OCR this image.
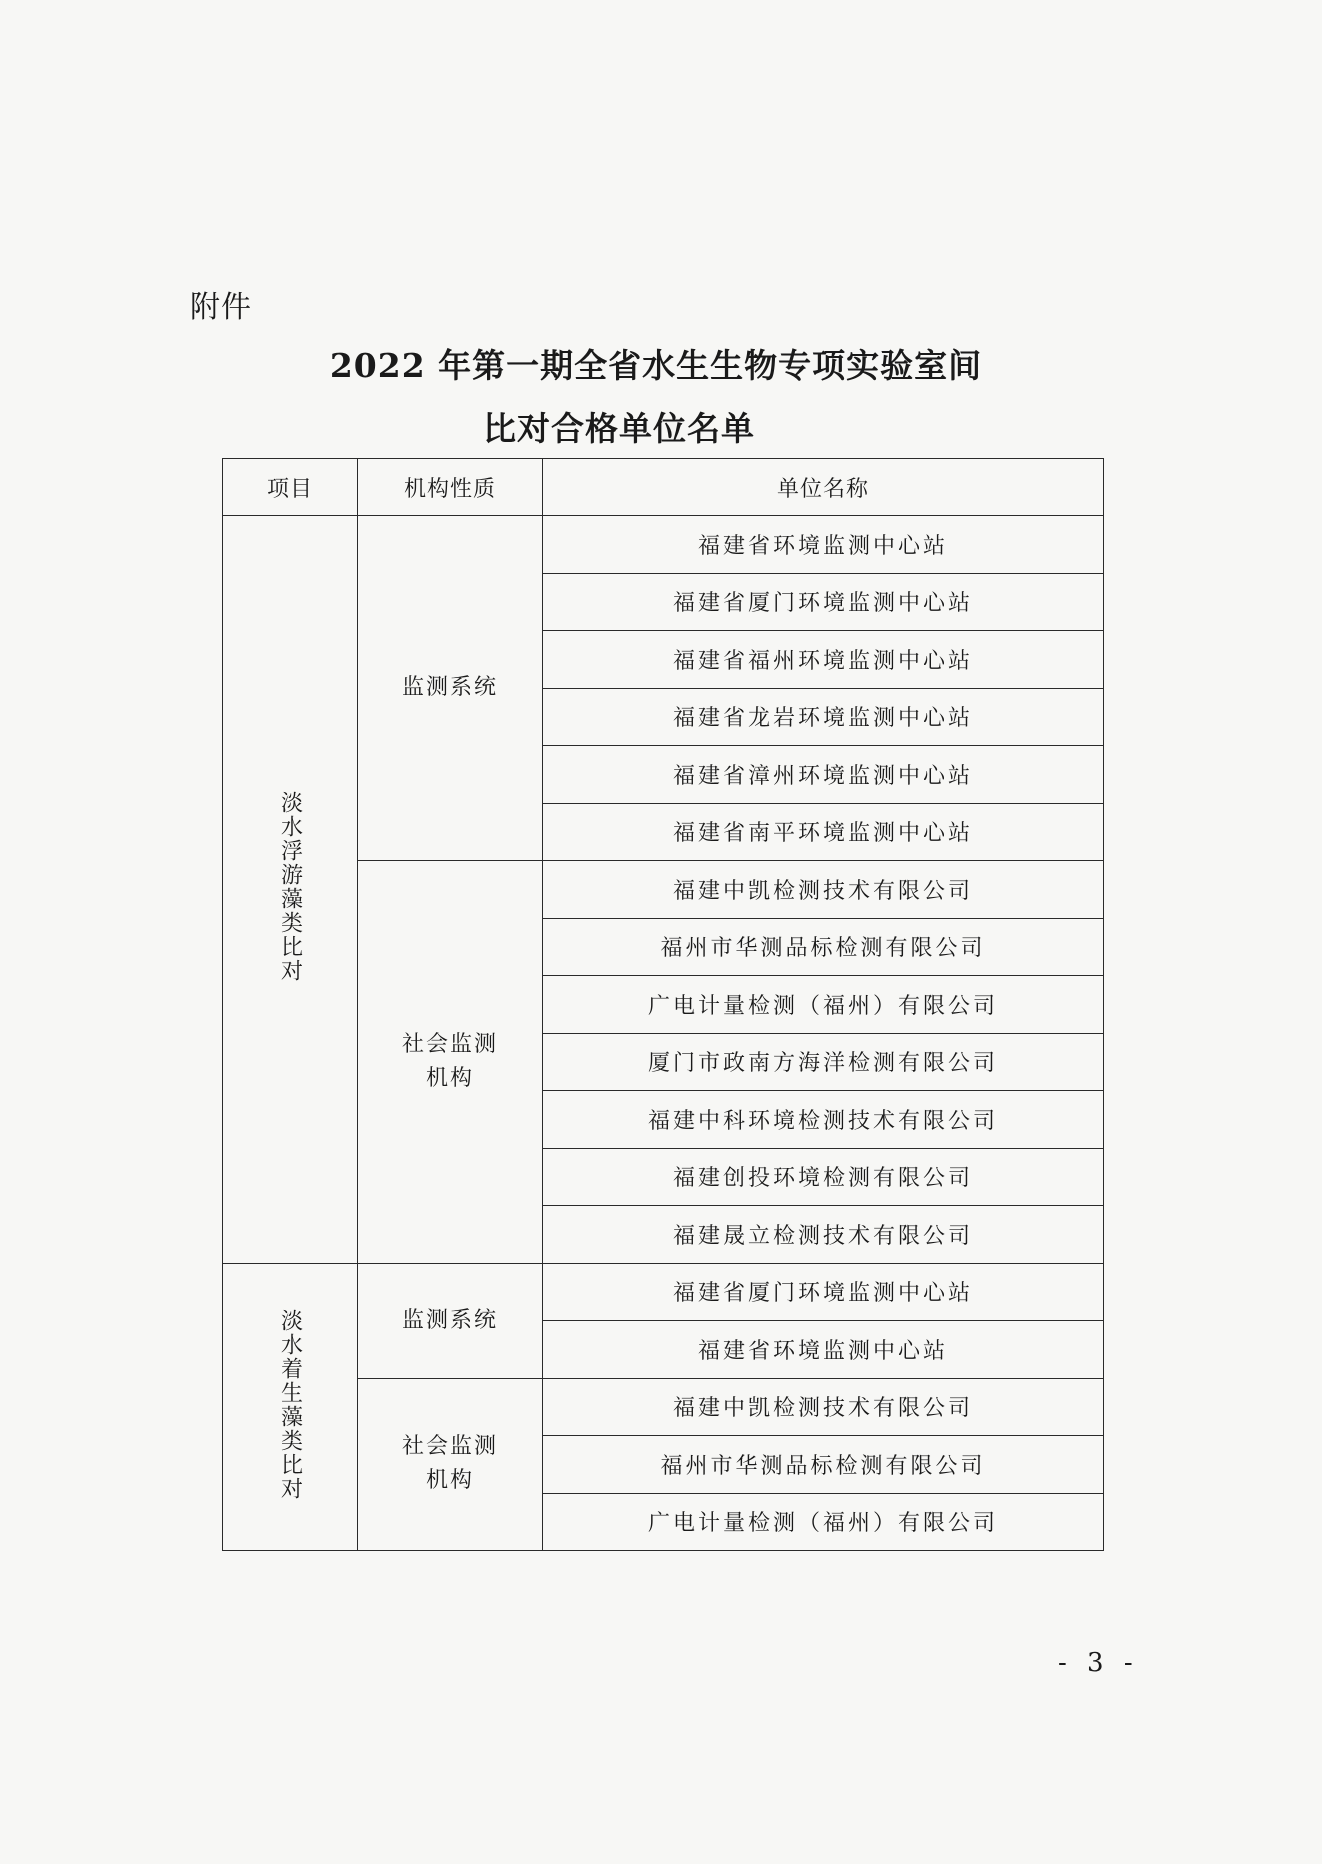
附件
2022 年第一期全省水生生物专项实验室间
比对合格单位名单
项目	机构性质	单位名称
淡水浮游藻类比对	监测系统	福建省环境监测中心站
		福建省厦门环境监测中心站
		福建省福州环境监测中心站
		福建省龙岩环境监测中心站
		福建省漳州环境监测中心站
		福建省南平环境监测中心站

	社会监测机构	福建中凯检测技术有限公司
		福州市华测品标检测有限公司
		广电计量检测（福州）有限公司
		厦门市政南方海洋检测有限公司
		福建中科环境检测技术有限公司
		福建创投环境检测有限公司
		福建晟立检测技术有限公司
淡水着生藻类比对	监测系统	福建省厦门环境监测中心站
		福建省环境监测中心站

	社会监测机构	福建中凯检测技术有限公司
		福州市华测品标检测有限公司
		广电计量检测（福州）有限公司
- 3 -
